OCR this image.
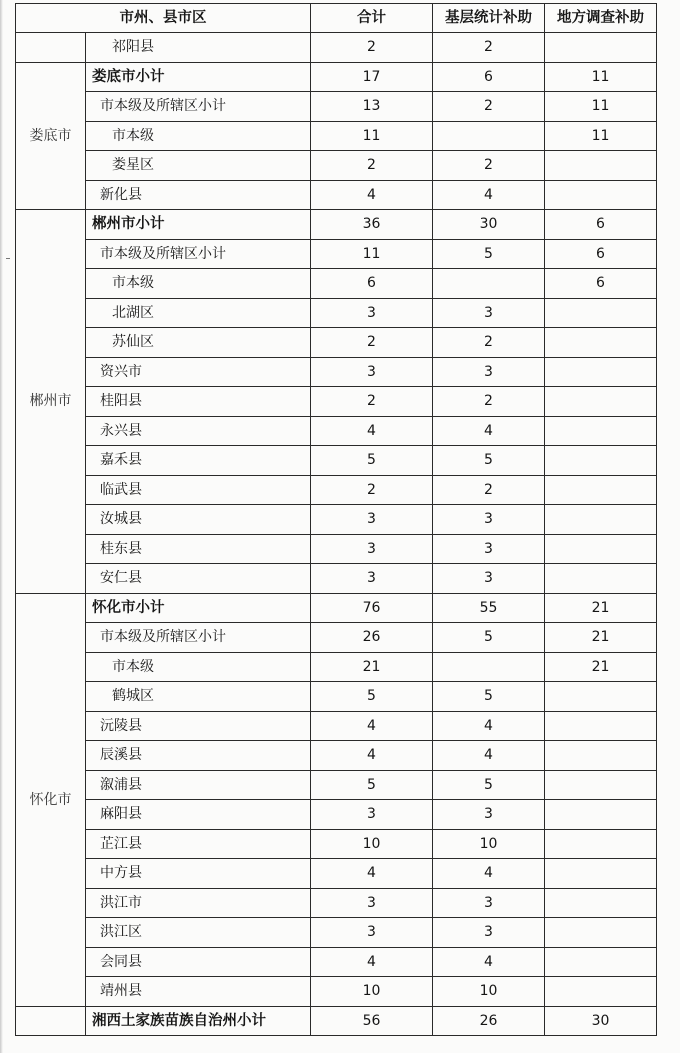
市州、县市区		合计	基层统计补助	地方调查补助
	祁阳县	2	2	
娄底市	娄底市小计	17	6	11
	市本级及所辖区小计	13	2	11
	市本级	11		11
	娄星区	2	2	
	新化县	4	4	
郴州市	郴州市小计	36	30	6
	市本级及所辖区小计	11	5	6
	市本级	6		6
	北湖区	3	3	
	苏仙区	2	2	
	资兴市	3	3	
	桂阳县	2	2	
	永兴县	4	4	
	嘉禾县	5	5	
	临武县	2	2	
	汝城县	3	3	
	桂东县	3	3	
	安仁县	3	3	
怀化市	怀化市小计	76	55	21
	市本级及所辖区小计	26	5	21
	市本级	21		21
	鹤城区	5	5	
	沅陵县	4	4	
	辰溪县	4	4	
	溆浦县	5	5	
	麻阳县	3	3	
	芷江县	10	10	
	中方县	4	4	
	洪江市	3	3	
	洪江区	3	3	
	会同县	4	4	
	靖州县	10	10	
	湘西土家族苗族自治州小计	56	26	30
